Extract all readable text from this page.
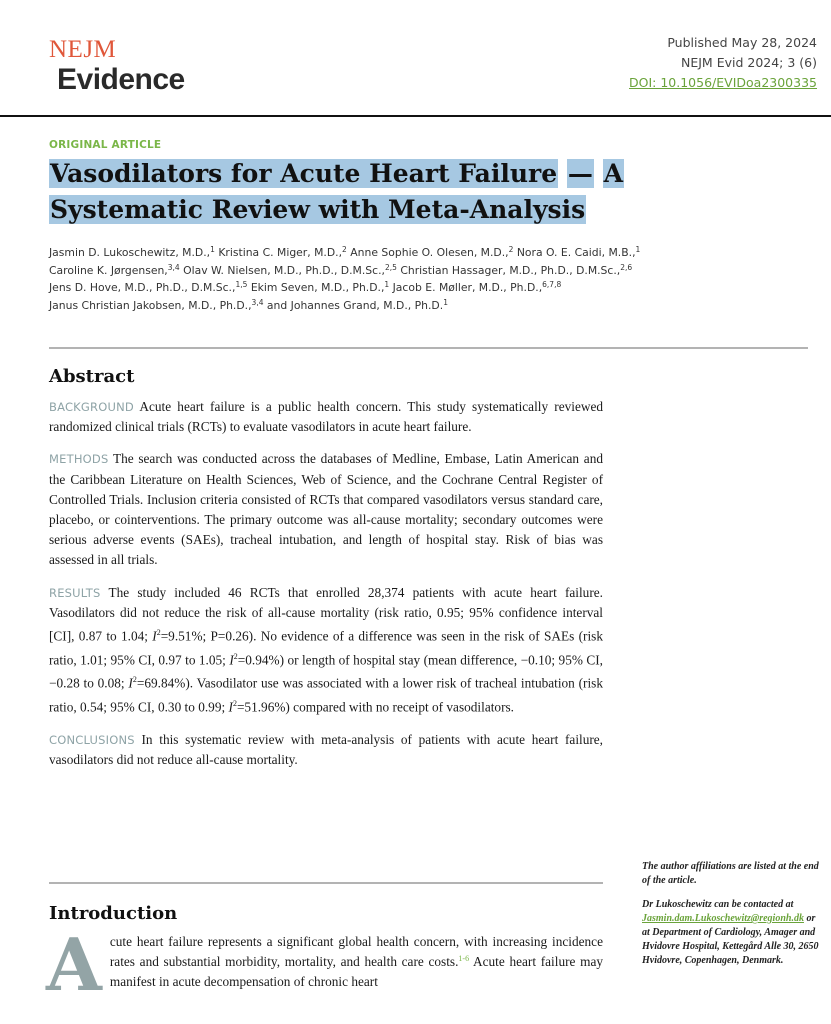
NEJM
Evidence
Published May 28, 2024
NEJM Evid 2024; 3 (6)
DOI: 10.1056/EVIDoa2300335
ORIGINAL ARTICLE
Vasodilators for Acute Heart Failure — A
Systematic Review with Meta-Analysis
Jasmin D. Lukoschewitz, M.D.,$^1$ Kristina C. Miger, M.D.,$^2$ Anne Sophie O. Olesen, M.D.,$^2$ Nora O. E. Caidi, M.B.,$^1$
Caroline K. Jørgensen,$^{3,4}$ Olav W. Nielsen, M.D., Ph.D., D.M.Sc.,$^{2,5}$ Christian Hassager, M.D., Ph.D., D.M.Sc.,$^{2,6}$
Jens D. Hove, M.D., Ph.D., D.M.Sc.,$^{1,5}$ Ekim Seven, M.D., Ph.D.,$^1$ Jacob E. Møller, M.D., Ph.D.,$^{6,7,8}$
Janus Christian Jakobsen, M.D., Ph.D.,$^{3,4}$ and Johannes Grand, M.D., Ph.D.$^1$
Abstract

BACKGROUND Acute heart failure is a public health concern. This study systematically reviewed randomized clinical trials (RCTs) to evaluate vasodilators in acute heart failure.

METHODS The search was conducted across the databases of Medline, Embase, Latin American and the Caribbean Literature on Health Sciences, Web of Science, and the Cochrane Central Register of Controlled Trials. Inclusion criteria consisted of RCTs that compared vasodilators versus standard care, placebo, or cointerventions. The primary outcome was all-cause mortality; secondary outcomes were serious adverse events (SAEs), tracheal intubation, and length of hospital stay. Risk of bias was assessed in all trials.

RESULTS The study included 46 RCTs that enrolled 28,374 patients with acute heart failure. Vasodilators did not reduce the risk of all-cause mortality (risk ratio, 0.95; 95% confidence interval [CI], 0.87 to 1.04; $I^2=9.51\%$; P=0.26). No evidence of a difference was seen in the risk of SAEs (risk ratio, 1.01; 95% CI, 0.97 to 1.05; $I^2=0.94\%$) or length of hospital stay (mean difference, −0.10; 95% CI, −0.28 to 0.08; $I^2=69.84\%$). Vasodilator use was associated with a lower risk of tracheal intubation (risk ratio, 0.54; 95% CI, 0.30 to 0.99; $I^2=51.96\%$) compared with no receipt of vasodilators.

CONCLUSIONS In this systematic review with meta-analysis of patients with acute heart failure, vasodilators did not reduce all-cause mortality.

Introduction
A cute heart failure represents a significant global health concern, with increasing incidence rates and substantial morbidity, mortality, and health care costs.$^{1-6}$ Acute heart failure may manifest in acute decompensation of chronic heart

The author affiliations are listed at the end of the article.

Dr Lukoschewitz can be contacted at Jasmin.dam.Lukoschewitz@regionh.dk or at Department of Cardiology, Amager and Hvidovre Hospital, Kettegård Alle 30, 2650 Hvidovre, Copenhagen, Denmark.
